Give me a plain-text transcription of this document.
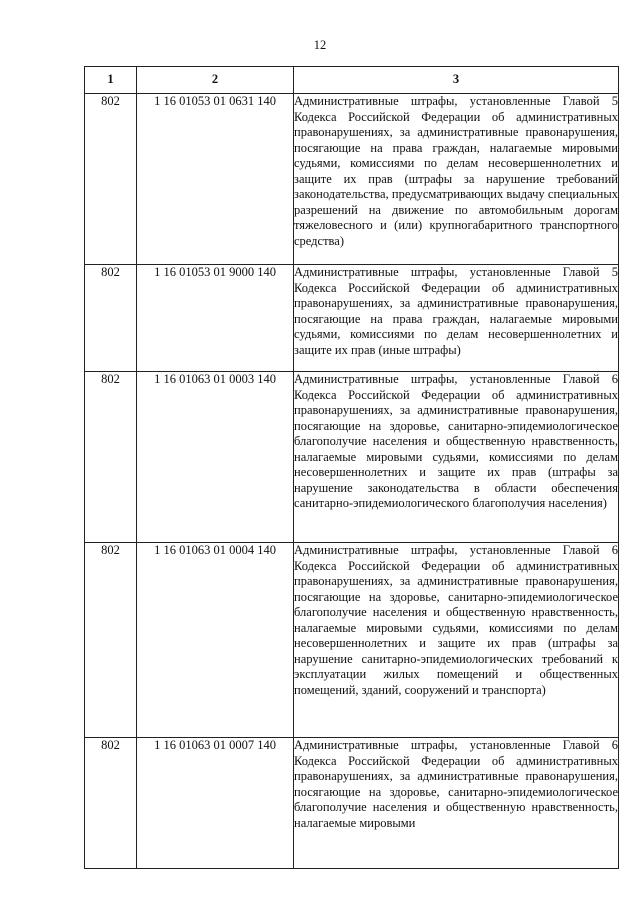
12
1	2	3
802	1 16 01053 01 0631 140	Административные штрафы, установленные Главой 5 Кодекса Российской Федерации об административных правонарушениях, за административные правонарушения, посягающие на права граждан, налагаемые мировыми судьями, комиссиями по делам несовершеннолетних и защите их прав (штрафы за нарушение требований законодательства, предусматривающих выдачу специальных разрешений на движение по автомобильным дорогам тяжеловесного и (или) крупногабаритного транспортного средства)
802	1 16 01053 01 9000 140	Административные штрафы, установленные Главой 5 Кодекса Российской Федерации об административных правонарушениях, за административные правонарушения, посягающие на права граждан, налагаемые мировыми судьями, комиссиями по делам несовершеннолетних и защите их прав (иные штрафы)
802	1 16 01063 01 0003 140	Административные штрафы, установленные Главой 6 Кодекса Российской Федерации об административных правонарушениях, за административные правонарушения, посягающие на здоровье, санитарно-эпидемиологическое благополучие населения и общественную нравственность, налагаемые мировыми судьями, комиссиями по делам несовершеннолетних и защите их прав (штрафы за нарушение законодательства в области обеспечения санитарно-эпидемиологического благополучия населения)
802	1 16 01063 01 0004 140	Административные штрафы, установленные Главой 6 Кодекса Российской Федерации об административных правонарушениях, за административные правонарушения, посягающие на здоровье, санитарно-эпидемиологическое благополучие населения и общественную нравственность, налагаемые мировыми судьями, комиссиями по делам несовершеннолетних и защите их прав (штрафы за нарушение санитарно-эпидемиологических требований к эксплуатации жилых помещений и общественных помещений, зданий, сооружений и транспорта)
802	1 16 01063 01 0007 140	Административные штрафы, установленные Главой 6 Кодекса Российской Федерации об административных правонарушениях, за административные правонарушения, посягающие на здоровье, санитарно-эпидемиологическое благополучие населения и общественную нравственность, налагаемые мировыми
